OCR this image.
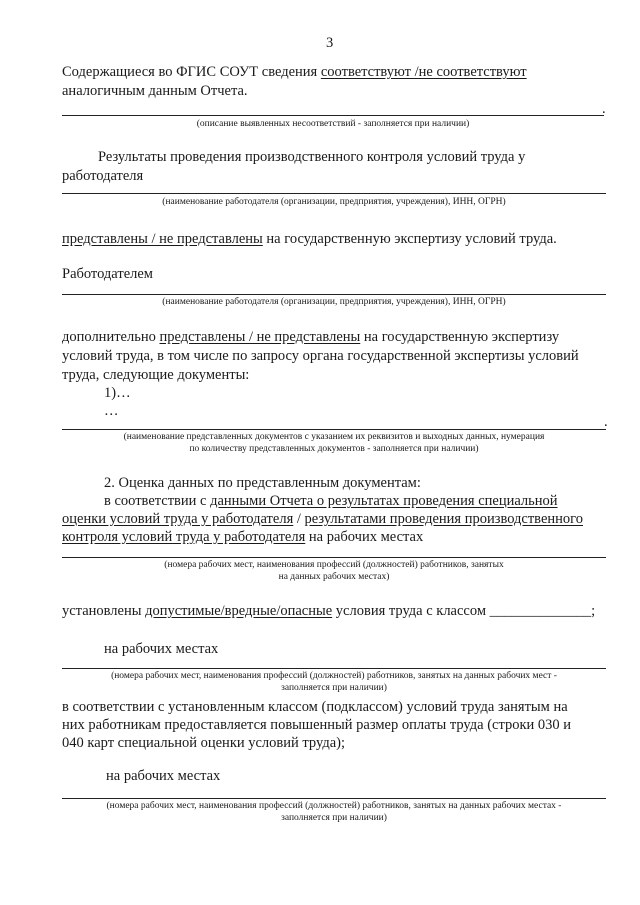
3
Содержащиеся во ФГИС СОУТ сведения соответствуют /не соответствуют
аналогичным данным Отчета.
.
(описание выявленных несоответствий - заполняется при наличии)
Результаты проведения производственного контроля условий труда у
работодателя
(наименование работодателя (организации, предприятия, учреждения), ИНН, ОГРН)
представлены / не представлены на государственную экспертизу условий труда.
Работодателем
(наименование работодателя (организации, предприятия, учреждения), ИНН, ОГРН)
дополнительно представлены / не представлены на государственную экспертизу
условий труда, в том числе по запросу органа государственной экспертизы условий
труда, следующие документы:
1)…
…
.
(наименование представленных документов с указанием их реквизитов и выходных данных, нумерация
по количеству представленных документов - заполняется при наличии)
2. Оценка данных по представленным документам:
в соответствии с данными Отчета о результатах проведения специальной
оценки условий труда у работодателя / результатами проведения производственного
контроля условий труда у работодателя на рабочих местах
(номера рабочих мест, наименования профессий (должностей) работников, занятых
на данных рабочих местах)
установлены допустимые/вредные/опасные условия труда с классом ______________;
на рабочих местах
(номера рабочих мест, наименования профессий (должностей) работников, занятых на данных рабочих мест -
заполняется при наличии)
в соответствии с установленным классом (подклассом) условий труда занятым на
них работникам предоставляется повышенный размер оплаты труда (строки 030 и
040 карт специальной оценки условий труда);
на рабочих местах
(номера рабочих мест, наименования профессий (должностей) работников, занятых на данных рабочих местах -
заполняется при наличии)
